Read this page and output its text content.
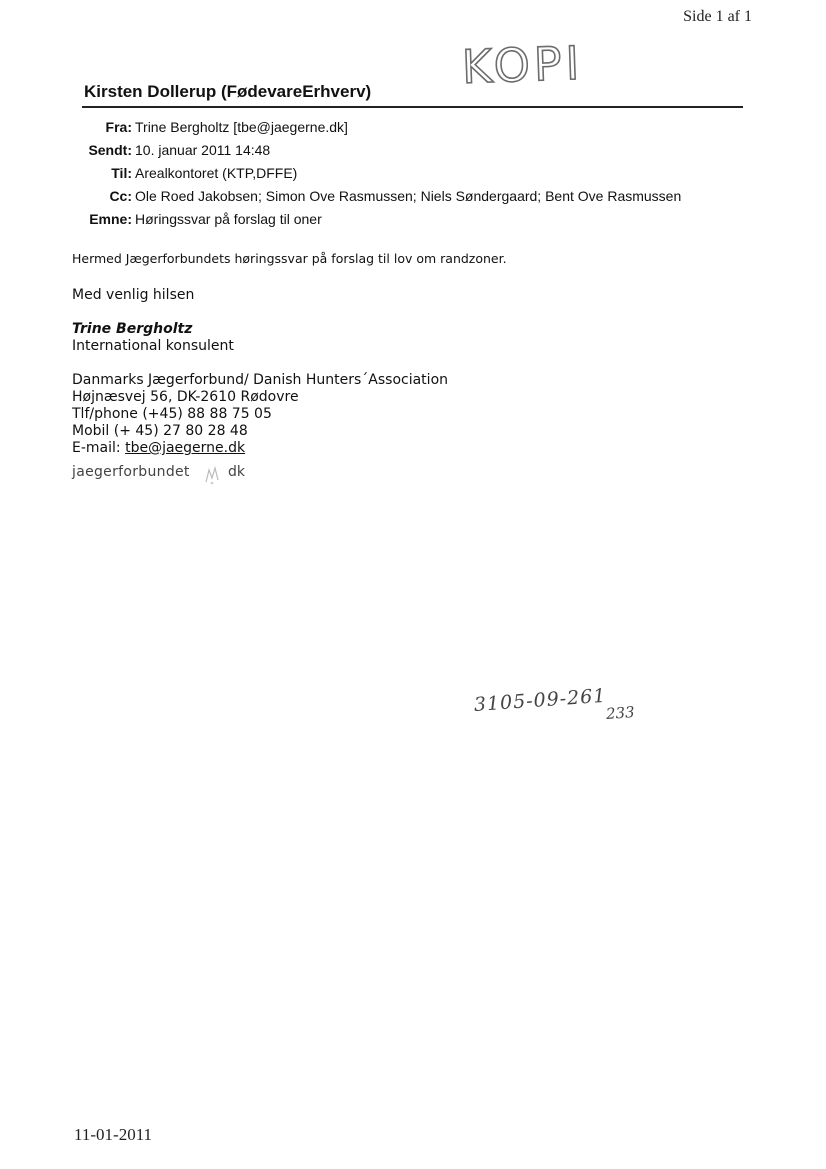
Side 1 af 1
KOPI
Kirsten Dollerup (FødevareErhverv)
Fra: Trine Bergholtz [tbe@jaegerne.dk]
Sendt: 10. januar 2011 14:48
Til: Arealkontoret (KTP,DFFE)
Cc: Ole Roed Jakobsen; Simon Ove Rasmussen; Niels Søndergaard; Bent Ove Rasmussen
Emne: Høringssvar på forslag til oner
Hermed Jægerforbundets høringssvar på forslag til lov om randzoner.
Med venlig hilsen
Trine Bergholtz
International konsulent
Danmarks Jægerforbund/ Danish Hunters´Association
Højnæsvej 56, DK-2610 Rødovre
Tlf/phone (+45) 88 88 75 05
Mobil (+ 45) 27 80 28 48
E-mail: tbe@jaegerne.dk
jaegerforbundet	dk
3105-09-261
233
11-01-2011
